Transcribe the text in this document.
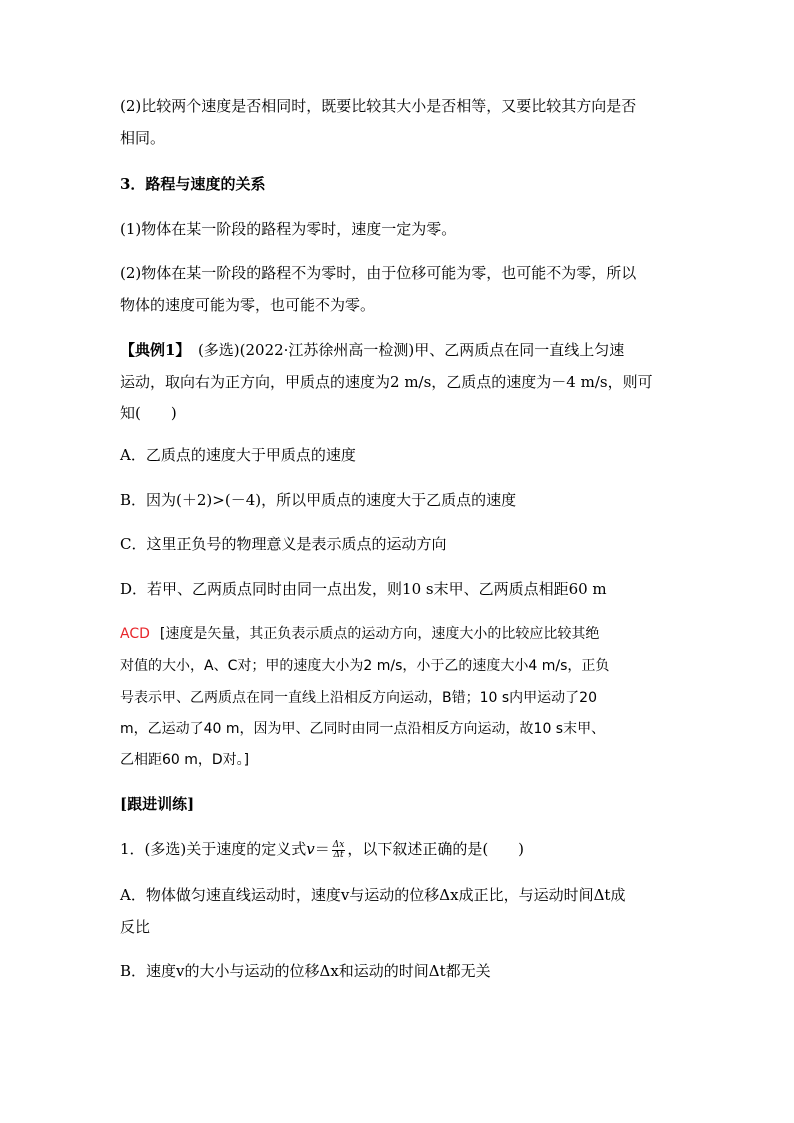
(2)比较两个速度是否相同时，既要比较其大小是否相等，又要比较其方向是否
相同。
3．路程与速度的关系
(1)物体在某一阶段的路程为零时，速度一定为零。
(2)物体在某一阶段的路程不为零时，由于位移可能为零，也可能不为零，所以
物体的速度可能为零，也可能不为零。
【典例1】　(多选)(2022·江苏徐州高一检测)甲、乙两质点在同一直线上匀速
运动，取向右为正方向，甲质点的速度为2 m/s，乙质点的速度为－4 m/s，则可
知(　　)
A．乙质点的速度大于甲质点的速度
B．因为(＋2)>(－4)，所以甲质点的速度大于乙质点的速度
C．这里正负号的物理意义是表示质点的运动方向
D．若甲、乙两质点同时由同一点出发，则10 s末甲、乙两质点相距60 m
ACD [速度是矢量，其正负表示质点的运动方向，速度大小的比较应比较其绝
对值的大小，A、C对；甲的速度大小为2 m/s，小于乙的速度大小4 m/s，正负
号表示甲、乙两质点在同一直线上沿相反方向运动，B错；10 s内甲运动了20
m，乙运动了40 m，因为甲、乙同时由同一点沿相反方向运动，故10 s末甲、
乙相距60 m，D对。]
[跟进训练]
1．(多选)关于速度的定义式$v= \frac{\Delta x}{\Delta t}$ ，以下叙述正确的是(　　)
A．物体做匀速直线运动时，速度v与运动的位移Δx成正比，与运动时间Δt成
反比
B．速度v的大小与运动的位移Δx和运动的时间Δt都无关
